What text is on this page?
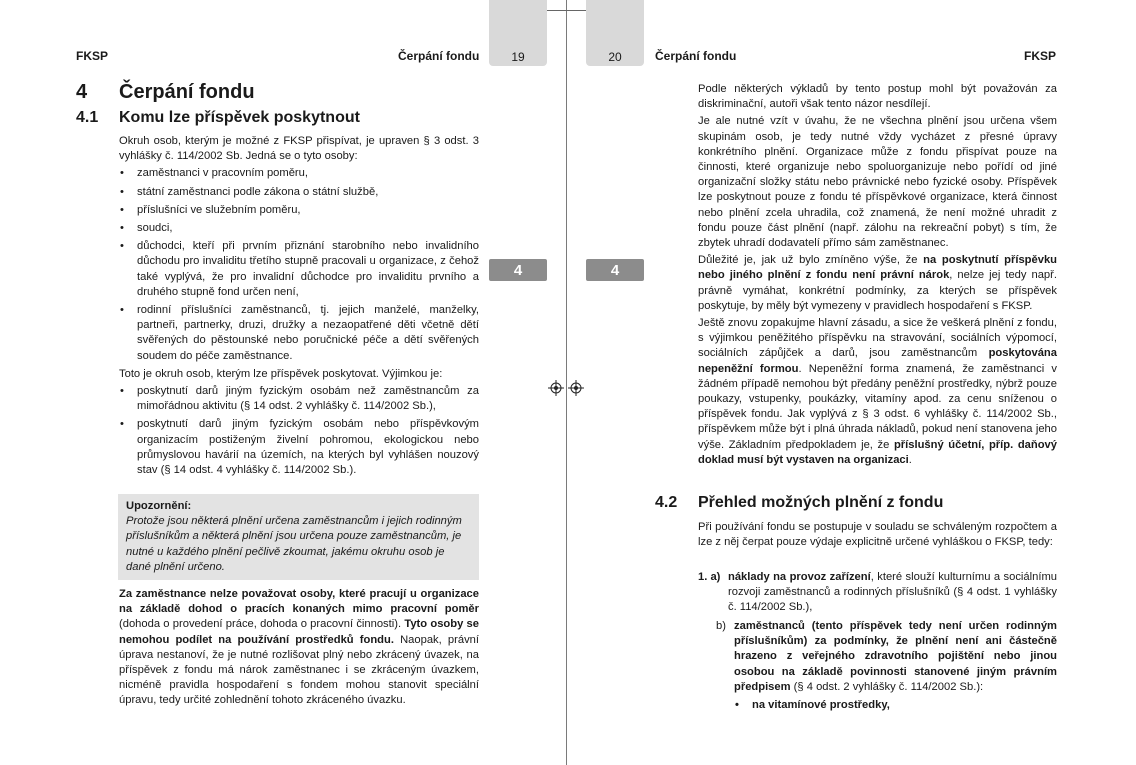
19
4
FKSP	Čerpání fondu
4 Čerpání fondu
4.1 Komu lze příspěvek poskytnout

Okruh osob, kterým je možné z FKSP přispívat, je upraven § 3 odst. 3 vyhlášky č. 114/2002 Sb. Jedná se o tyto osoby:

• zaměstnanci v pracovním poměru,
• státní zaměstnanci podle zákona o státní službě,
• příslušníci ve služebním poměru,
• soudci,
• důchodci, kteří při prvním přiznání starobního nebo invalidního důchodu pro invaliditu třetího stupně pracovali u organizace, z čehož také vyplývá, že pro invalidní důchodce pro invaliditu prvního a druhého stupně fond určen není,
• rodinní příslušníci zaměstnanců, tj. jejich manželé, manželky, partneři, partnerky, druzi, družky a nezaopatřené děti včetně dětí svěřených do pěstounské nebo poručnické péče a dětí svěřených soudem do péče zaměstnance.

Toto je okruh osob, kterým lze příspěvek poskytovat. Výjimkou je:

• poskytnutí darů jiným fyzickým osobám než zaměstnancům za mimořádnou aktivitu (§ 14 odst. 2 vyhlášky č. 114/2002 Sb.),
• poskytnutí darů jiným fyzickým osobám nebo příspěvkovým organizacím postiženým živelní pohromou, ekologickou nebo průmyslovou havárií na územích, na kterých byl vyhlášen nouzový stav (§ 14 odst. 4 vyhlášky č. 114/2002 Sb.).
Upozornění:
Protože jsou některá plnění určena zaměstnancům i jejich rodinným příslušníkům a některá plnění jsou určena pouze zaměstnancům, je nutné u každého plnění pečlivě zkoumat, jakému okruhu osob je dané plnění určeno.
Za zaměstnance nelze považovat osoby, které pracují u organizace na základě dohod o pracích konaných mimo pracovní poměr (dohoda o provedení práce, dohoda o pracovní činnosti). Tyto osoby se nemohou podílet na používání prostředků fondu. Naopak, právní úprava nestanoví, že je nutné rozlišovat plný nebo zkrácený úvazek, na příspěvek z fondu má nárok zaměstnanec i se zkráceným úvazkem, nicméně pravidla hospodaření s fondem mohou stanovit speciální úpravu, tedy určité zohlednění tohoto zkráceného úvazku.
20
4
Čerpání fondu	FKSP

Podle některých výkladů by tento postup mohl být považován za diskriminační, autoři však tento názor nesdílejí.

Je ale nutné vzít v úvahu, že ne všechna plnění jsou určena všem skupinám osob, je tedy nutné vždy vycházet z přesné úpravy konkrétního plnění. Organizace může z fondu přispívat pouze na činnosti, které organizuje nebo spoluorganizuje nebo pořídí od jiné organizační složky státu nebo právnické nebo fyzické osoby. Příspěvek lze poskytnout pouze z fondu té příspěvkové organizace, která činnost nebo plnění zcela uhradila, což znamená, že není možné uhradit z fondu pouze část plnění (např. zálohu na rekreační pobyt) s tím, že zbytek uhradí dodavatelí přímo sám zaměstnanec.

Důležité je, jak už bylo zmíněno výše, že na poskytnutí příspěvku nebo jiného plnění z fondu není právní nárok, nelze jej tedy např. právně vymáhat, konkrétní podmínky, za kterých se příspěvek poskytuje, by měly být vymezeny v pravidlech hospodaření s FKSP.

Ještě znovu zopakujme hlavní zásadu, a sice že veškerá plnění z fondu, s výjimkou peněžitého příspěvku na stravování, sociálních výpomocí, sociálních zápůjček a darů, jsou zaměstnancům poskytována nepeněžní formou. Nepeněžní forma znamená, že zaměstnanci v žádném případě nemohou být předány peněžní prostředky, nýbrž pouze poukazy, vstupenky, poukázky, vitamíny apod. za cenu sníženou o příspěvek fondu. Jak vyplývá z § 3 odst. 6 vyhlášky č. 114/2002 Sb., příspěvkem může být i plná úhrada nákladů, pokud není stanovena jeho výše. Základním předpokladem je, že příslušný účetní, příp. daňový doklad musí být vystaven na organizaci.

4.2 Přehled možných plnění z fondu

Při používání fondu se postupuje v souladu se schváleným rozpočtem a lze z něj čerpat pouze výdaje explicitně určené vyhláškou o FKSP, tedy:

1. a) náklady na provoz zařízení, které slouží kulturnímu a sociálnímu rozvoji zaměstnanců a rodinných příslušníků (§ 4 odst. 1 vyhlášky č. 114/2002 Sb.),
b) zaměstnanců (tento příspěvek tedy není určen rodinným příslušníkům) za podmínky, že plnění není ani částečně hrazeno z veřejného zdravotního pojištění nebo jinou osobou na základě povinnosti stanovené jiným právním předpisem (§ 4 odst. 2 vyhlášky č. 114/2002 Sb.):
• na vitamínové prostředky,
